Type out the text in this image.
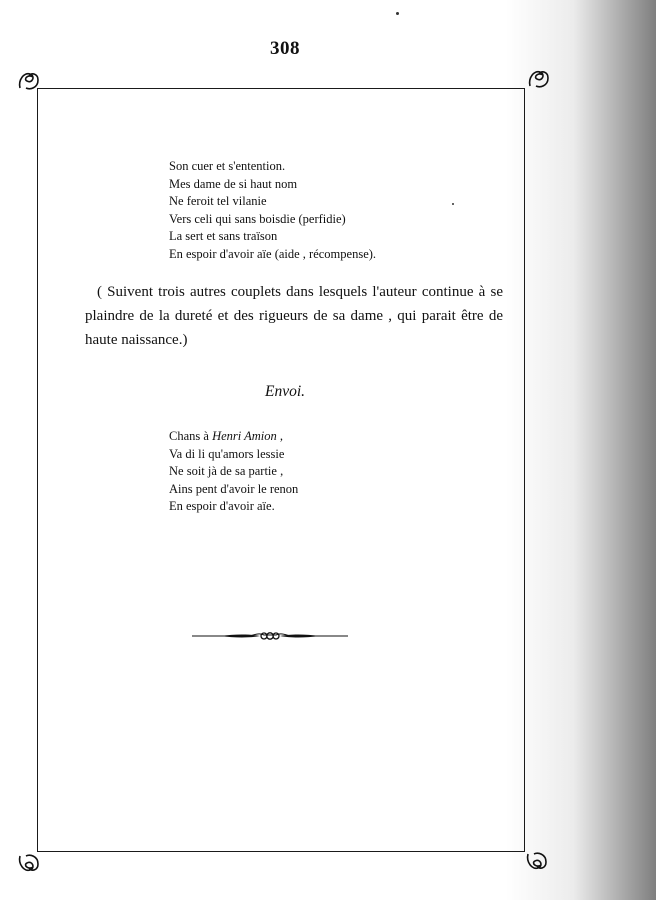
308
Son cuer et s'entention.
Mes dame de si haut nom
Ne feroit tel vilanie
Vers celi qui sans boisdie (perfidie)
La sert et sans traïson
En espoir d'avoir aïe (aide , récompense).

( Suivent trois autres couplets dans lesquels l'auteur continue à se plaindre de la dureté et des rigueurs de sa dame , qui parait être de haute naissance.)

Envoi.
Chans à Henri Amion ,
Va di li qu'amors lessie
Ne soit jà de sa partie ,
Ains pent d'avoir le renon
En espoir d'avoir aïe.
